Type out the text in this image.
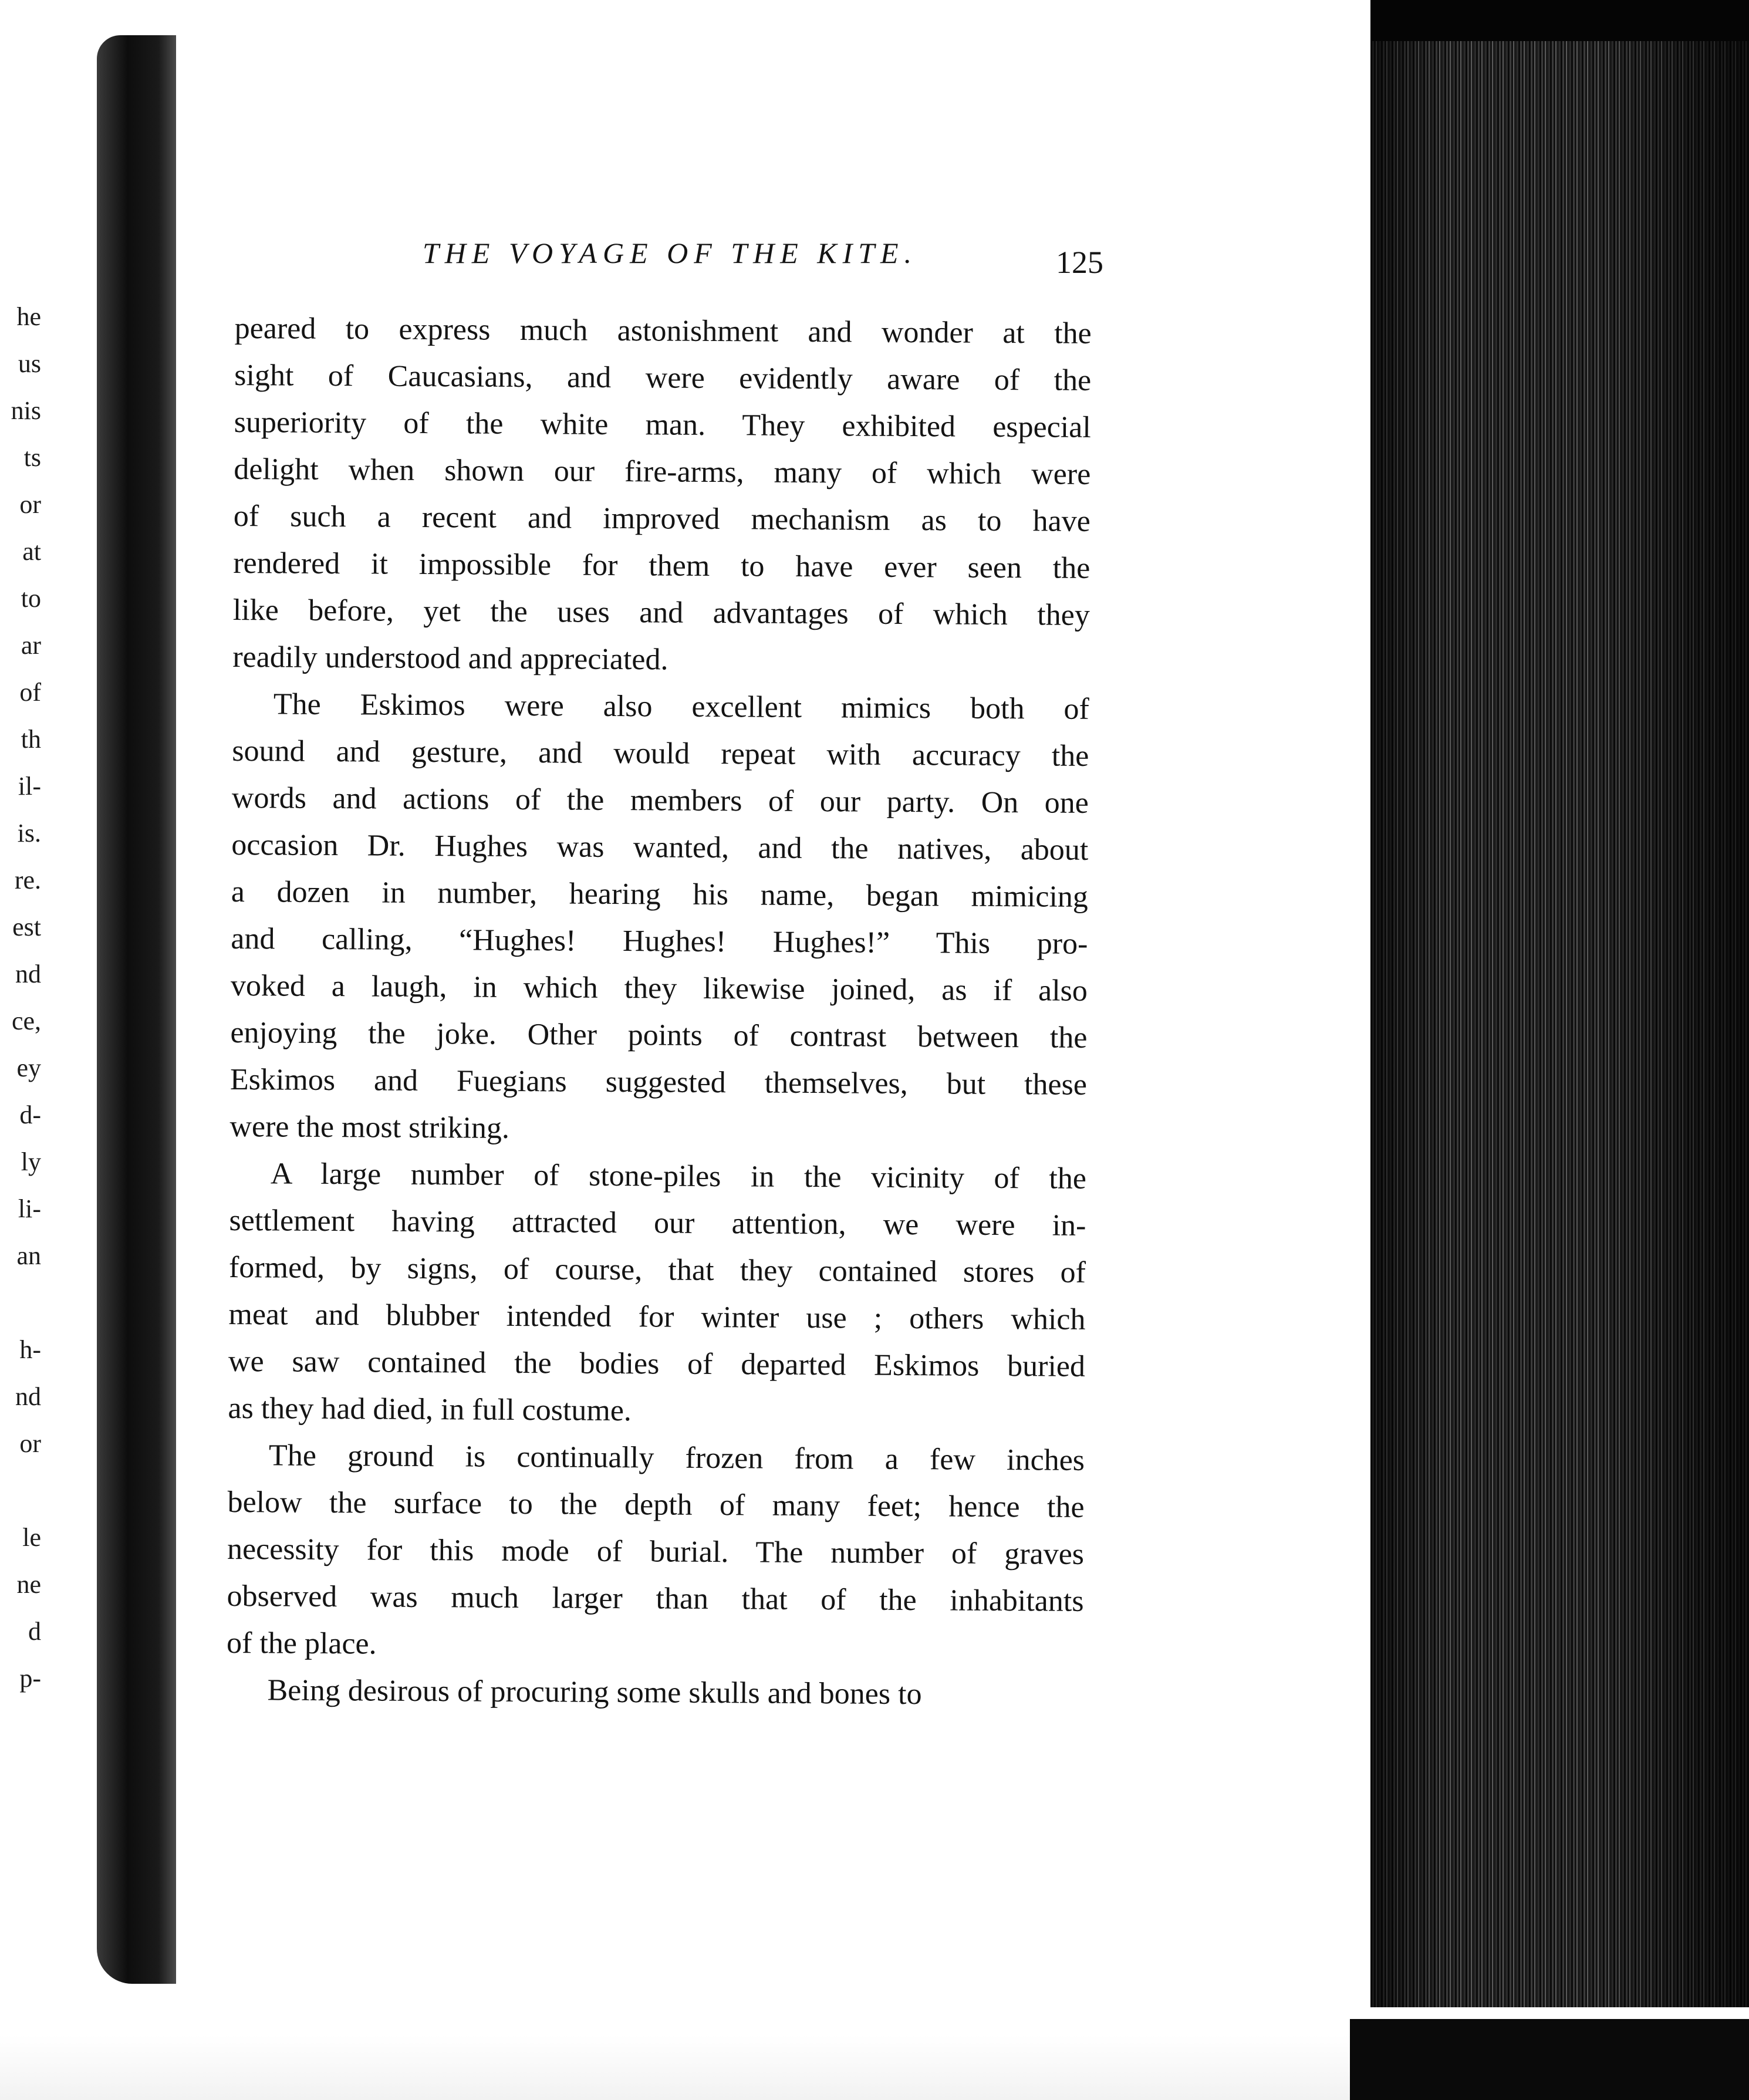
he
us
nis
ts
or
at
to
ar
of
th
il-
is.
re.
est
nd
ce,
ey
d-
ly
li-
an
h-
nd
or
le
ne
d
p-
THE VOYAGE OF THE KITE.	125
peared to express much astonishment and wonder at the
sight of Caucasians, and were evidently aware of the
superiority of the white man. They exhibited especial
delight when shown our fire-arms, many of which were
of such a recent and improved mechanism as to have
rendered it impossible for them to have ever seen the
like before, yet the uses and advantages of which they
readily understood and appreciated.
The Eskimos were also excellent mimics both of
sound and gesture, and would repeat with accuracy the
words and actions of the members of our party. On one
occasion Dr. Hughes was wanted, and the natives, about
a dozen in number, hearing his name, began mimicing
and calling, “Hughes! Hughes! Hughes!” This pro-
voked a laugh, in which they likewise joined, as if also
enjoying the joke. Other points of contrast between the
Eskimos and Fuegians suggested themselves, but these
were the most striking.
A large number of stone-piles in the vicinity of the
settlement having attracted our attention, we were in-
formed, by signs, of course, that they contained stores of
meat and blubber intended for winter use ; others which
we saw contained the bodies of departed Eskimos buried
as they had died, in full costume.
The ground is continually frozen from a few inches
below the surface to the depth of many feet; hence the
necessity for this mode of burial. The number of graves
observed was much larger than that of the inhabitants
of the place.
Being desirous of procuring some skulls and bones to
